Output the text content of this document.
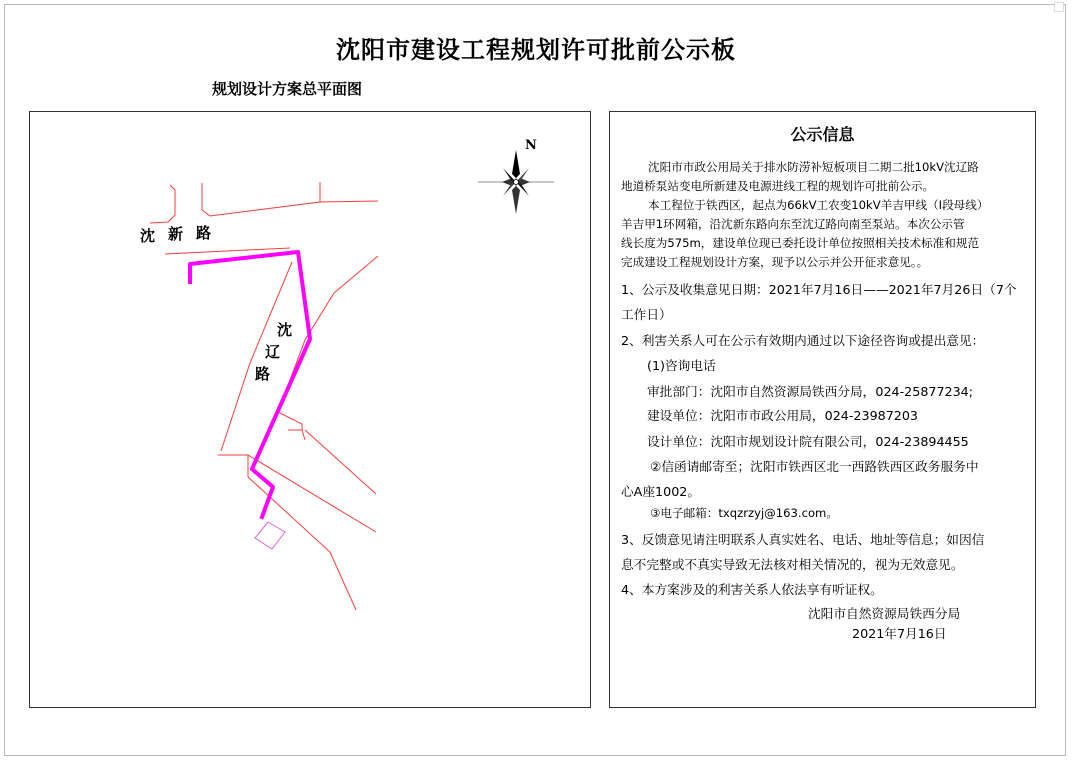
沈阳市建设工程规划许可批前公示板
规划设计方案总平面图
N
沈 新 路
沈
辽
路
公示信息
沈阳市市政公用局关于排水防涝补短板项目二期二批10kV沈辽路
地道桥泵站变电所新建及电源进线工程的规划许可批前公示。
本工程位于铁西区，起点为66kV工农变10kV羊吉甲线（I段母线）
羊吉甲1环网箱，沿沈新东路向东至沈辽路向南至泵站。本次公示管
线长度为575m，建设单位现已委托设计单位按照相关技术标准和规范
完成建设工程规划设计方案，现予以公示并公开征求意见。。
1、公示及收集意见日期：2021年7月16日——2021年7月26日（7个
工作日）
2、利害关系人可在公示有效期内通过以下途径咨询或提出意见：
(1)咨询电话
审批部门：沈阳市自然资源局铁西分局，024-25877234;
建设单位：沈阳市市政公用局，024-23987203
设计单位：沈阳市规划设计院有限公司，024-23894455
②信函请邮寄至；沈阳市铁西区北一西路铁西区政务服务中
心A座1002。
③电子邮箱：txqzrzyj@163.com。
3、反馈意见请注明联系人真实姓名、电话、地址等信息；如因信
息不完整或不真实导致无法核对相关情况的，视为无效意见。
4、本方案涉及的利害关系人依法享有听证权。
沈阳市自然资源局铁西分局
2021年7月16日
